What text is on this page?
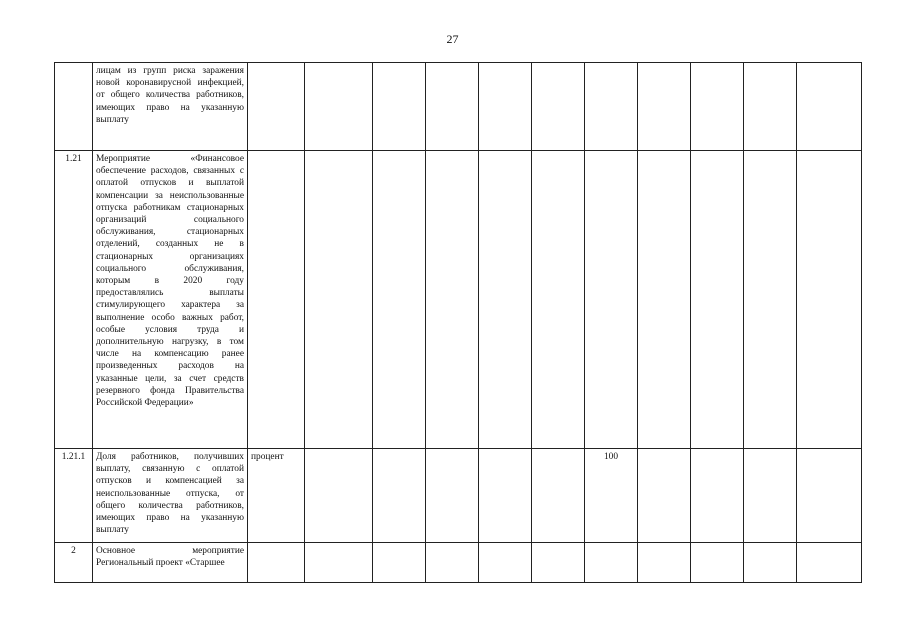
27

	лицам из групп риска заражения новой коронавирусной инфекцией, от общего количества работников, имеющих право на указанную выплату												

1.21	Мероприятие «Финансовое обеспечение расходов, связанных с оплатой отпусков и выплатой компенсации за неиспользованные отпуска работникам стационарных организаций социального обслуживания, стационарных отделений, созданных не в стационарных организациях социального обслуживания, которым в 2020 году предоставлялись выплаты стимулирующего характера за выполнение особо важных работ, особые условия труда и дополнительную нагрузку, в том числе на компенсацию ранее произведенных расходов на указанные цели, за счет средств резервного фонда Правительства Российской Федерации»												

1.21.1	Доля работников, получивших выплату, связанную с оплатой отпусков и компенсацией за неиспользованные отпуска, от общего количества работников, имеющих право на указанную выплату	процент						100					
2	Основное мероприятие Региональный проект «Старшее												
